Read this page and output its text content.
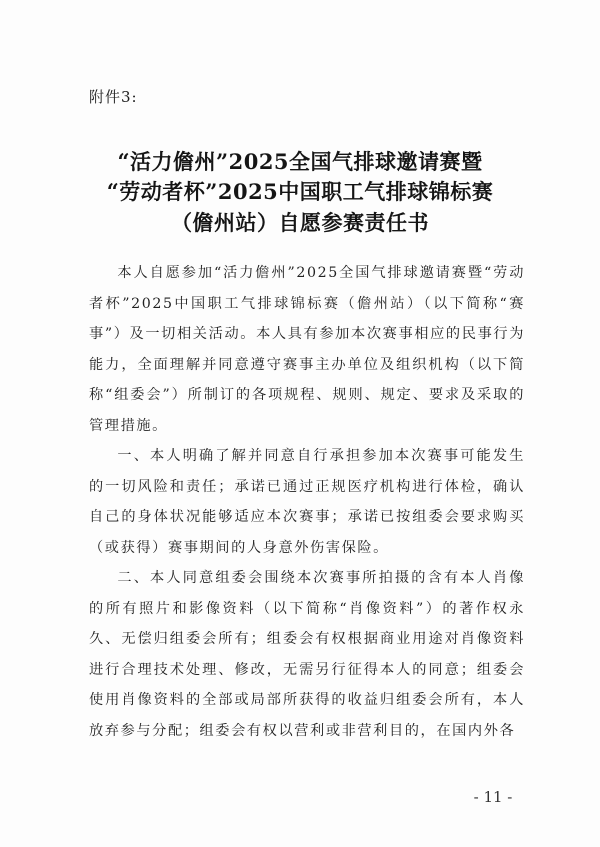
附件3:
“活力儋州”2025全国气排球邀请赛暨
“劳动者杯”2025中国职工气排球锦标赛
（儋州站）自愿参赛责任书

本人自愿参加“活力儋州”2025全国气排球邀请赛暨“劳动者杯”2025中国职工气排球锦标赛（儋州站）（以下简称“赛事”）及一切相关活动。本人具有参加本次赛事相应的民事行为能力，全面理解并同意遵守赛事主办单位及组织机构（以下简称“组委会”）所制订的各项规程、规则、规定、要求及采取的管理措施。

一、本人明确了解并同意自行承担参加本次赛事可能发生的一切风险和责任；承诺已通过正规医疗机构进行体检，确认自己的身体状况能够适应本次赛事；承诺已按组委会要求购买（或获得）赛事期间的人身意外伤害保险。

二、本人同意组委会围绕本次赛事所拍摄的含有本人肖像的所有照片和影像资料（以下简称“肖像资料”）的著作权永久、无偿归组委会所有；组委会有权根据商业用途对肖像资料进行合理技术处理、修改，无需另行征得本人的同意；组委会使用肖像资料的全部或局部所获得的收益归组委会所有，本人放弃参与分配；组委会有权以营利或非营利目的，在国内外各

- 11 -
